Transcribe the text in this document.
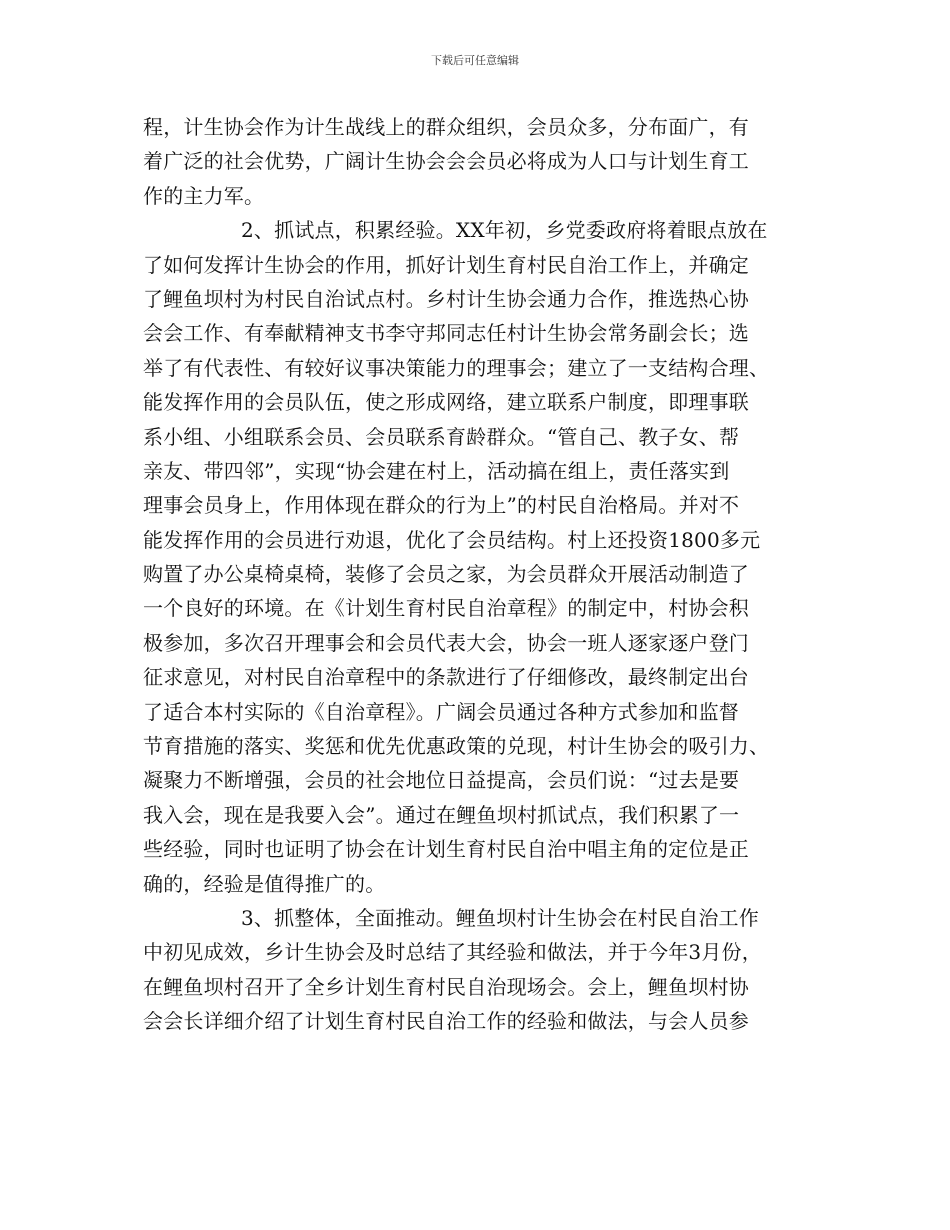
下载后可任意编辑
程，计生协会作为计生战线上的群众组织，会员众多，分布面广，有
着广泛的社会优势，广阔计生协会会会员必将成为人口与计划生育工
作的主力军。
2、抓试点，积累经验。XX年初，乡党委政府将着眼点放在
了如何发挥计生协会的作用，抓好计划生育村民自治工作上，并确定
了鲤鱼坝村为村民自治试点村。乡村计生协会通力合作，推选热心协
会会工作、有奉献精神支书李守邦同志任村计生协会常务副会长；选
举了有代表性、有较好议事决策能力的理事会；建立了一支结构合理、
能发挥作用的会员队伍，使之形成网络，建立联系户制度，即理事联
系小组、小组联系会员、会员联系育龄群众。“管自己、教子女、帮
亲友、带四邻”，实现“协会建在村上，活动搞在组上，责任落实到
理事会员身上，作用体现在群众的行为上”的村民自治格局。并对不
能发挥作用的会员进行劝退，优化了会员结构。村上还投资1800多元
购置了办公桌椅桌椅，装修了会员之家，为会员群众开展活动制造了
一个良好的环境。在《计划生育村民自治章程》的制定中，村协会积
极参加，多次召开理事会和会员代表大会，协会一班人逐家逐户登门
征求意见，对村民自治章程中的条款进行了仔细修改，最终制定出台
了适合本村实际的《自治章程》。广阔会员通过各种方式参加和监督
节育措施的落实、奖惩和优先优惠政策的兑现，村计生协会的吸引力、
凝聚力不断增强，会员的社会地位日益提高，会员们说：“过去是要
我入会，现在是我要入会”。通过在鲤鱼坝村抓试点，我们积累了一
些经验，同时也证明了协会在计划生育村民自治中唱主角的定位是正
确的，经验是值得推广的。
3、抓整体，全面推动。鲤鱼坝村计生协会在村民自治工作
中初见成效，乡计生协会及时总结了其经验和做法，并于今年3月份，
在鲤鱼坝村召开了全乡计划生育村民自治现场会。会上，鲤鱼坝村协
会会长详细介绍了计划生育村民自治工作的经验和做法，与会人员参
